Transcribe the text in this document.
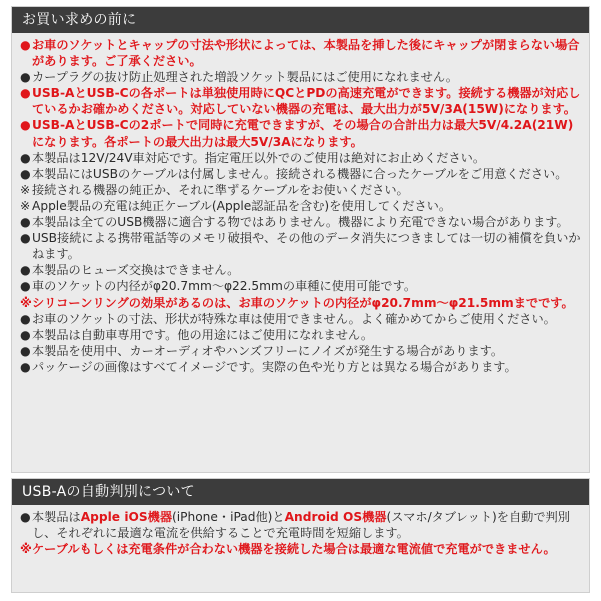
お買い求めの前に
●お車のソケットとキャップの寸法や形状によっては、本製品を挿した後にキャップが閉まらない場合があります。ご了承ください。
●カープラグの抜け防止処理された増設ソケット製品にはご使用になれません。
●USB-AとUSB-Cの各ポートは単独使用時にQCとPDの高速充電ができます。接続する機器が対応しているかお確かめください。対応していない機器の充電は、最大出力が5V/3A(15W)になります。
●USB-AとUSB-Cの2ポートで同時に充電できますが、その場合の合計出力は最大5V/4.2A(21W)になります。各ポートの最大出力は最大5V/3Aになります。
●本製品は12V/24V車対応です。指定電圧以外でのご使用は絶対にお止めください。
●本製品にはUSBのケーブルは付属しません。接続される機器に合ったケーブルをご用意ください。
※ 接続される機器の純正か、それに準ずるケーブルをお使いください。
※ Apple製品の充電は純正ケーブル(Apple認証品を含む)を使用してください。
●本製品は全てのUSB機器に適合する物ではありません。機器により充電できない場合があります。
●USB接続による携帯電話等のメモリ破損や、その他のデータ消失につきましては一切の補償を負いかねます。
●本製品のヒューズ交換はできません。
●車のソケットの内径がφ20.7mm〜φ22.5mmの車種に使用可能です。
※シリコーンリングの効果があるのは、お車のソケットの内径がφ20.7mm〜φ21.5mmまでです。
●お車のソケットの寸法、形状が特殊な車は使用できません。よく確かめてからご使用ください。
●本製品は自動車専用です。他の用途にはご使用になれません。
●本製品を使用中、カーオーディオやハンズフリーにノイズが発生する場合があります。
●パッケージの画像はすべてイメージです。実際の色や光り方とは異なる場合があります。
USB-Aの自動判別について
●本製品はApple iOS機器(iPhone・iPad他)とAndroid OS機器(スマホ/タブレット)を自動で判別し、それぞれに最適な電流を供給することで充電時間を短縮します。
※ケーブルもしくは充電条件が合わない機器を接続した場合は最適な電流値で充電ができません。
